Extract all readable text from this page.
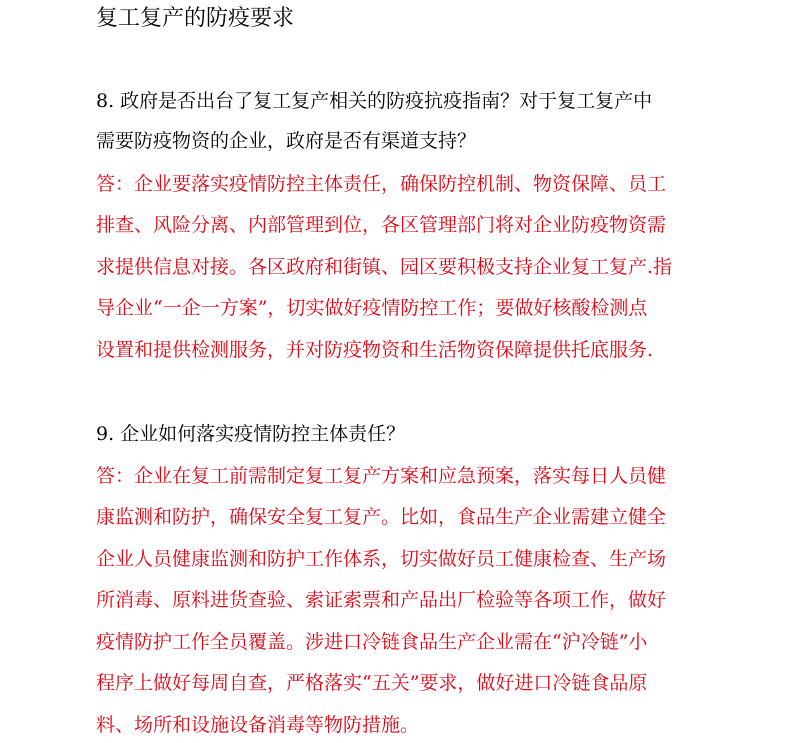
复工复产的防疫要求

8. 政府是否出台了复工复产相关的防疫抗疫指南？对于复工复产中

需要防疫物资的企业，政府是否有渠道支持？

答：企业要落实疫情防控主体责任，确保防控机制、物资保障、员工

排查、风险分离、内部管理到位，各区管理部门将对企业防疫物资需

求提供信息对接。各区政府和街镇、园区要积极支持企业复工复产.指

导企业“一企一方案”，切实做好疫情防控工作；要做好核酸检测点

设置和提供检测服务，并对防疫物资和生活物资保障提供托底服务.

9. 企业如何落实疫情防控主体责任？

答：企业在复工前需制定复工复产方案和应急预案，落实每日人员健

康监测和防护，确保安全复工复产。比如，食品生产企业需建立健全

企业人员健康监测和防护工作体系，切实做好员工健康检查、生产场

所消毒、原料进货查验、索证索票和产品出厂检验等各项工作，做好

疫情防护工作全员覆盖。涉进口冷链食品生产企业需在“沪冷链”小

程序上做好每周自查，严格落实“五关”要求，做好进口冷链食品原

料、场所和设施设备消毒等物防措施。
